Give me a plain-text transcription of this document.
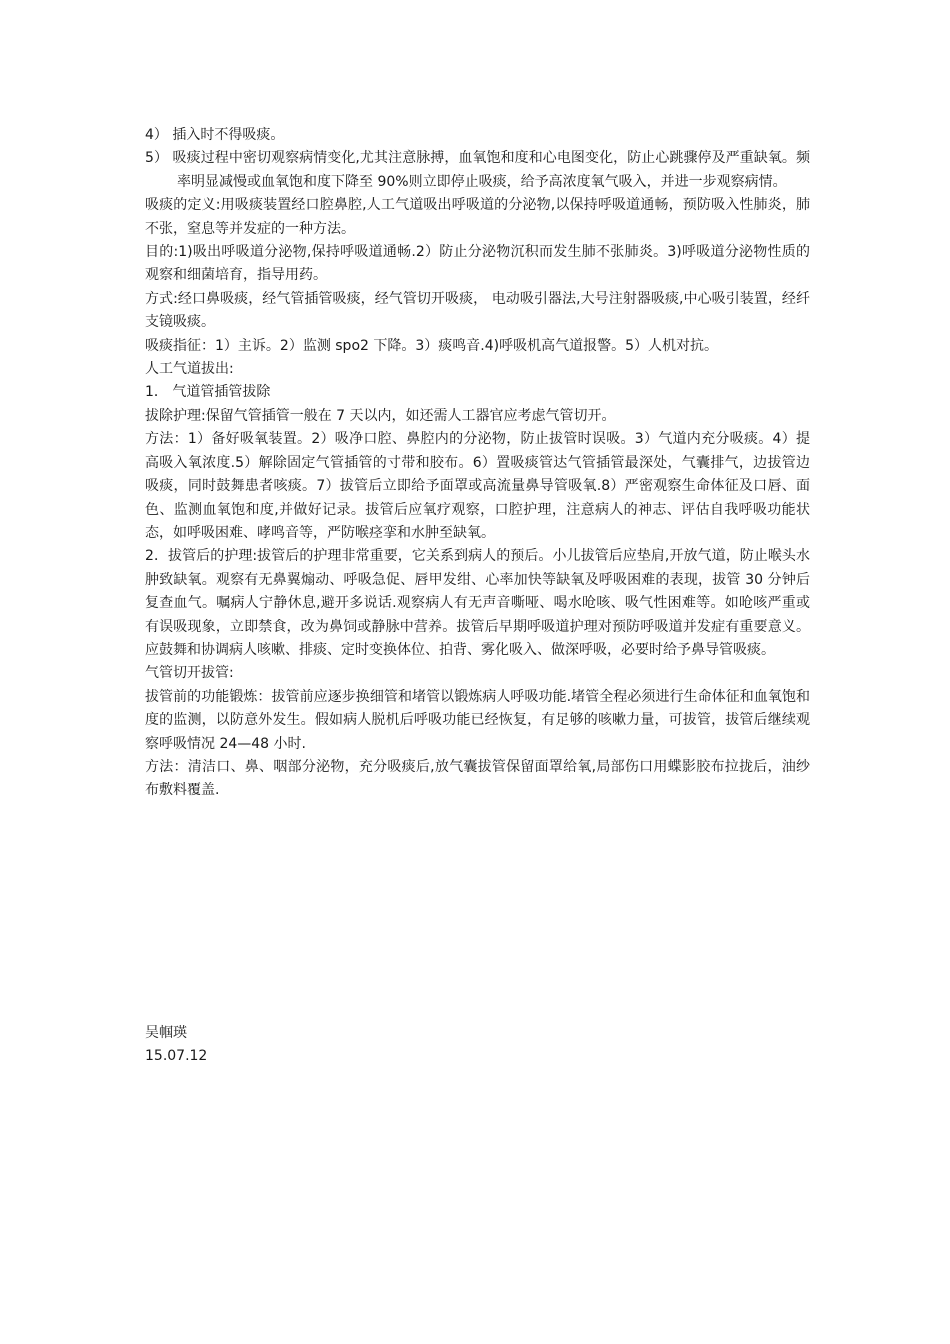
4） 插入时不得吸痰。

5） 吸痰过程中密切观察病情变化,尤其注意脉搏，血氧饱和度和心电图变化，防止心跳骤停及严重缺氧。频率明显减慢或血氧饱和度下降至 90%则立即停止吸痰，给予高浓度氧气吸入，并进一步观察病情。

吸痰的定义:用吸痰装置经口腔鼻腔,人工气道吸出呼吸道的分泌物,以保持呼吸道通畅，预防吸入性肺炎，肺不张，窒息等并发症的一种方法。

目的:1)吸出呼吸道分泌物,保持呼吸道通畅.2）防止分泌物沉积而发生肺不张肺炎。3)呼吸道分泌物性质的观察和细菌培育，指导用药。

方式:经口鼻吸痰，经气管插管吸痰，经气管切开吸痰， 电动吸引器法,大号注射器吸痰,中心吸引装置，经纤支镜吸痰。

吸痰指征：1）主诉。2）监测 spo2 下降。3）痰鸣音.4)呼吸机高气道报警。5）人机对抗。

人工气道拔出:

1． 气道管插管拔除

拔除护理:保留气管插管一般在 7 天以内，如还需人工器官应考虑气管切开。

方法：1）备好吸氧装置。2）吸净口腔、鼻腔内的分泌物，防止拔管时误吸。3）气道内充分吸痰。4）提高吸入氧浓度.5）解除固定气管插管的寸带和胶布。6）置吸痰管达气管插管最深处，气囊排气，边拔管边吸痰，同时鼓舞患者咳痰。7）拔管后立即给予面罩或高流量鼻导管吸氧.8）严密观察生命体征及口唇、面色、监测血氧饱和度,并做好记录。拔管后应氧疗观察，口腔护理，注意病人的神志、评估自我呼吸功能状态，如呼吸困难、哮鸣音等，严防喉痉挛和水肿至缺氧。

2．拔管后的护理:拔管后的护理非常重要，它关系到病人的预后。小儿拔管后应垫肩,开放气道，防止喉头水肿致缺氧。观察有无鼻翼煽动、呼吸急促、唇甲发绀、心率加快等缺氧及呼吸困难的表现，拔管 30 分钟后复查血气。嘱病人宁静休息,避开多说话.观察病人有无声音嘶哑、喝水呛咳、吸气性困难等。如呛咳严重或有误吸现象，立即禁食，改为鼻饲或静脉中营养。拔管后早期呼吸道护理对预防呼吸道并发症有重要意义。应鼓舞和协调病人咳嗽、排痰、定时变换体位、拍背、雾化吸入、做深呼吸，必要时给予鼻导管吸痰。

气管切开拔管:

拔管前的功能锻炼：拔管前应逐步换细管和堵管以锻炼病人呼吸功能.堵管全程必须进行生命体征和血氧饱和度的监测，以防意外发生。假如病人脱机后呼吸功能已经恢复，有足够的咳嗽力量，可拔管，拔管后继续观察呼吸情况 24—48 小时.

方法：清洁口、鼻、咽部分泌物，充分吸痰后,放气囊拔管保留面罩给氧,局部伤口用蝶影胶布拉拢后，油纱布敷料覆盖.

吴帼瑛
15.07.12
